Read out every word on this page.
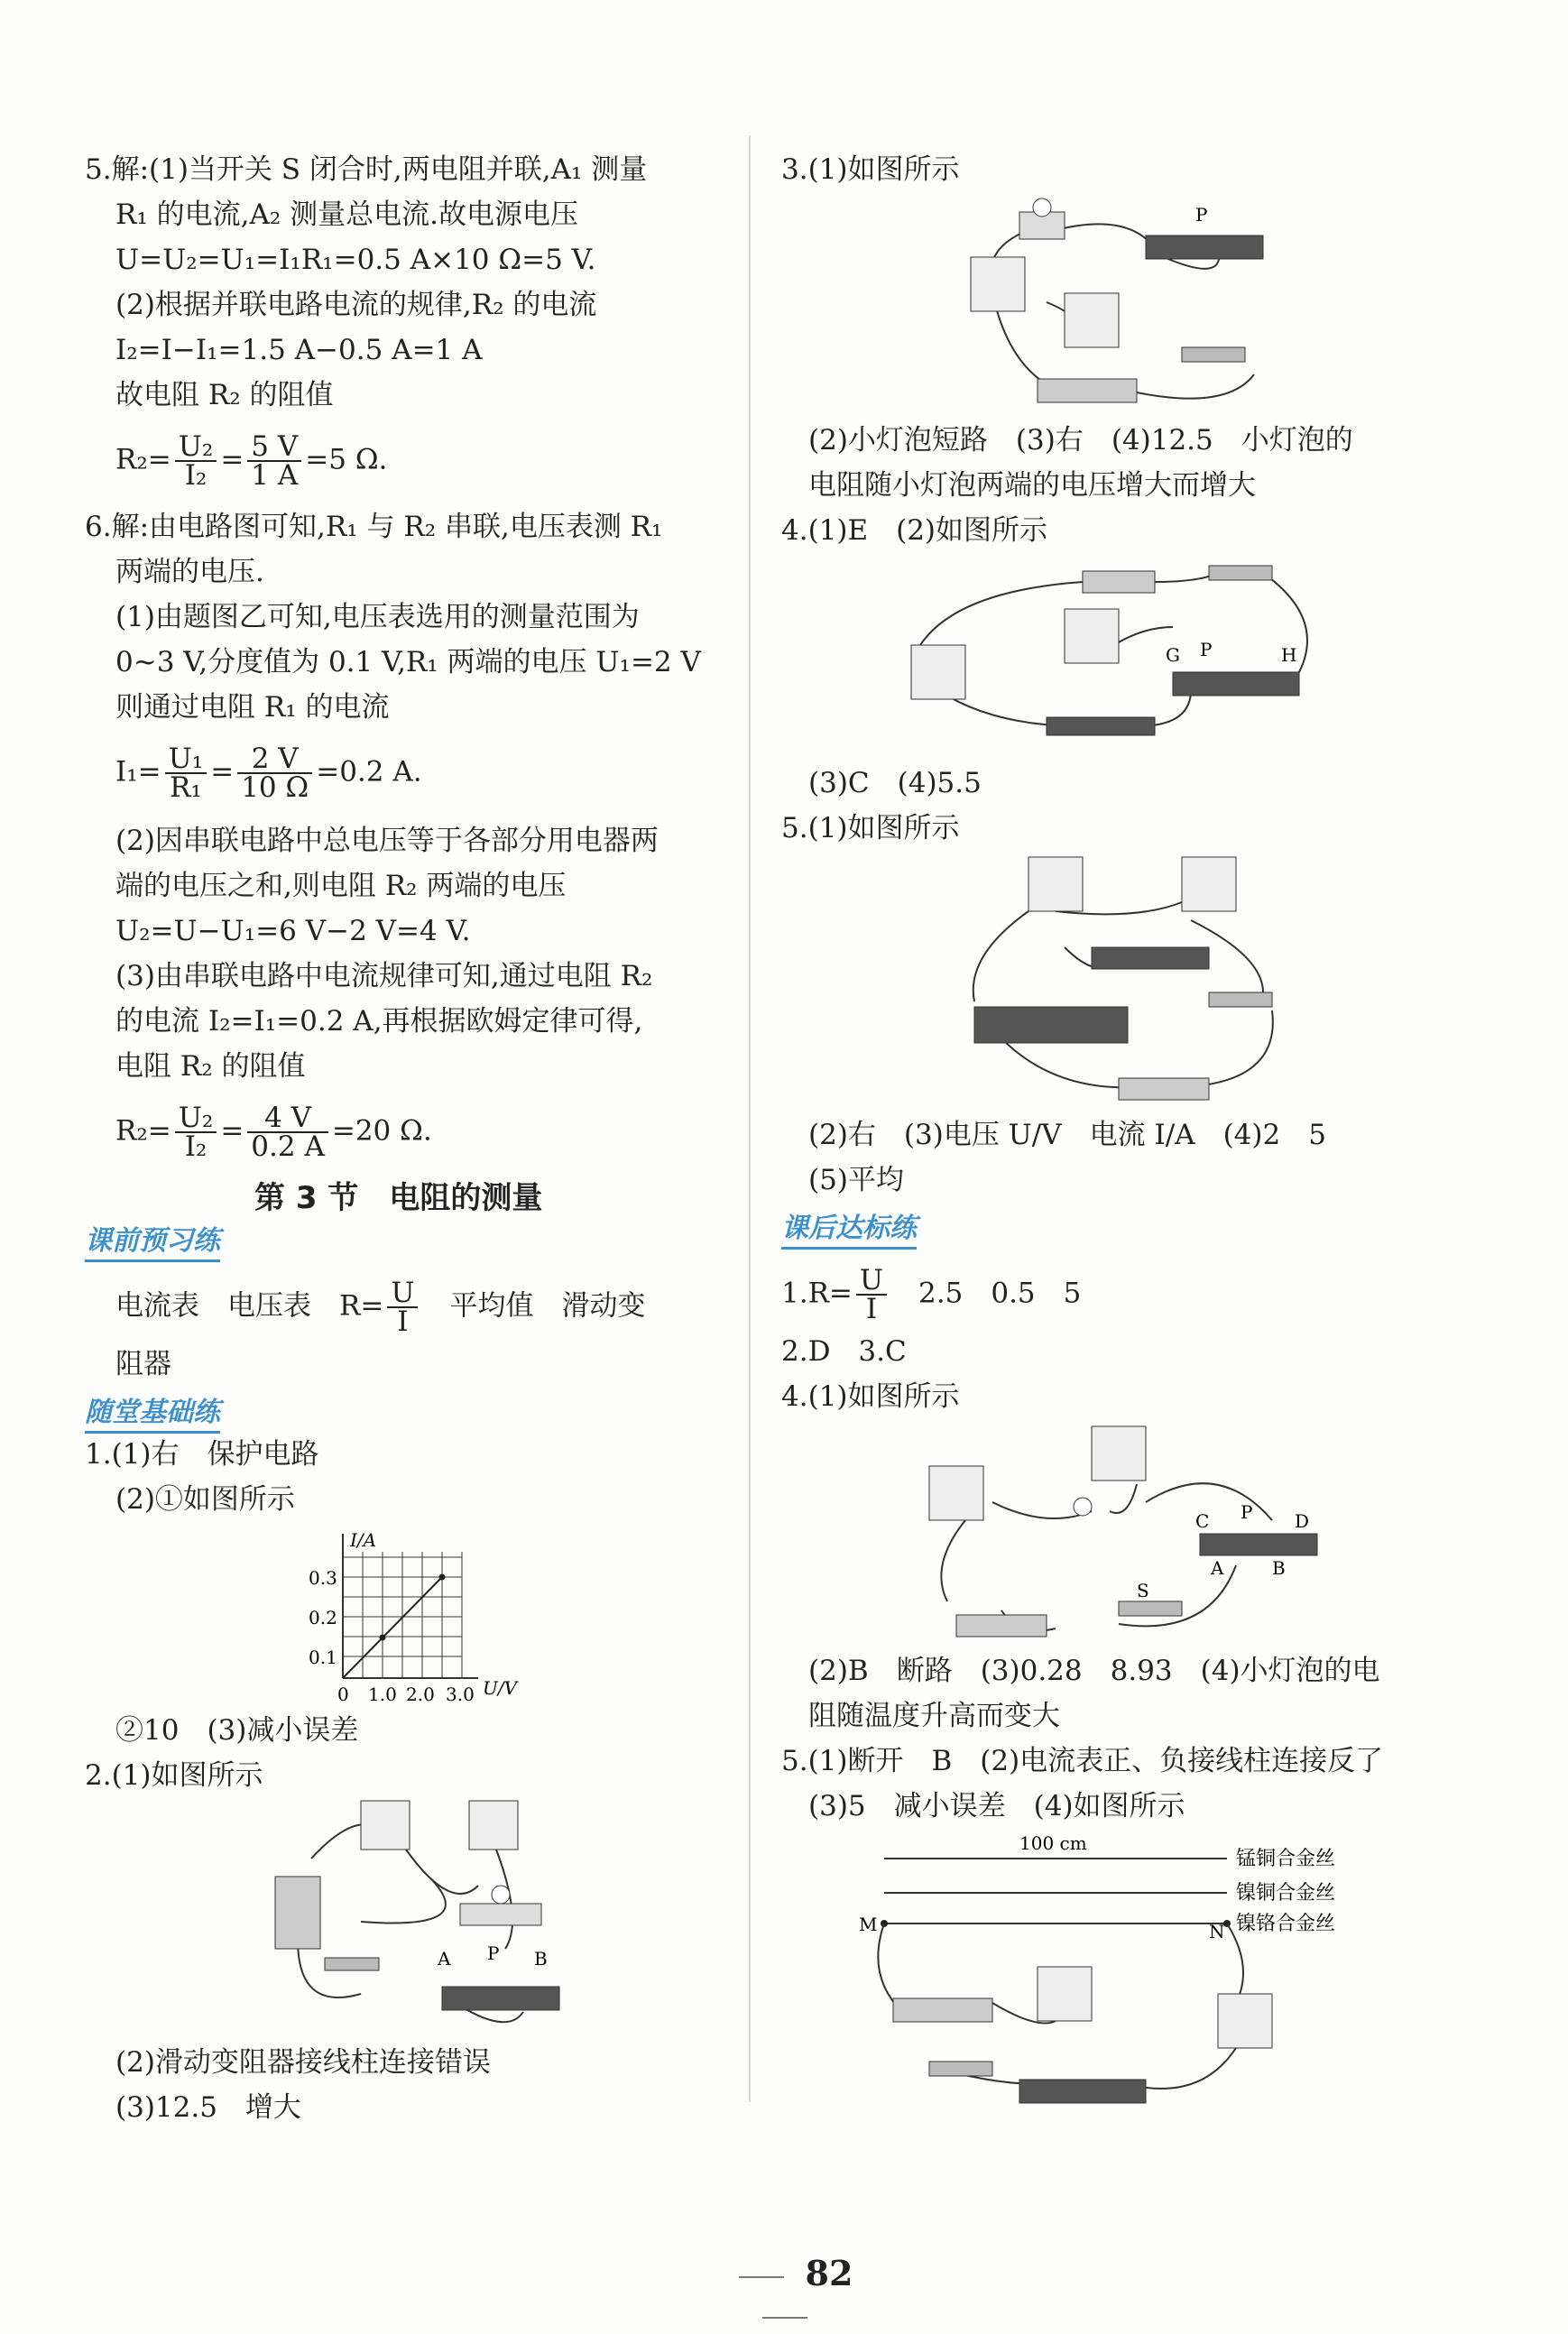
5.解:(1)当开关 S 闭合时,两电阻并联,A₁ 测量
R₁ 的电流,A₂ 测量总电流.故电源电压
U=U₂=U₁=I₁R₁=0.5 A×10 Ω=5 V.
(2)根据并联电路电流的规律,R₂ 的电流
I₂=I−I₁=1.5 A−0.5 A=1 A
故电阻 R₂ 的阻值
$R_2= \frac{\text{U₂}}{\text{I₂}} = \frac{5 V}{1 A} =5$ Ω.
6.解:由电路图可知,R₁ 与 R₂ 串联,电压表测 R₁
两端的电压.
(1)由题图乙可知,电压表选用的测量范围为
0~3 V,分度值为 0.1 V,R₁ 两端的电压 U₁=2 V
则通过电阻 R₁ 的电流
$I_1= \frac{\text{U₁}}{\text{R₁}} = \frac{2 V}{10 \Omega} =0.2$ A.
(2)因串联电路中总电压等于各部分用电器两
端的电压之和,则电阻 R₂ 两端的电压
U₂=U−U₁=6 V−2 V=4 V.
(3)由串联电路中电流规律可知,通过电阻 R₂
的电流 I₂=I₁=0.2 A,再根据欧姆定律可得,
电阻 R₂ 的阻值
$R_2= \frac{\text{U₂}}{\text{I₂}} = \frac{4 V}{0.2 A} =20$ Ω.
第 3 节　电阻的测量
课前预习练
电流表　电压表　 $R= \frac{U}{I}$
　 平均值　滑动变
阻器
随堂基础练
1.(1)右　保护电路
(2)①如图所示
I/A
U/V
0.3
0.2
0.1
0 1.0 2.0 3.0
②10　(3)减小误差
2.(1)如图所示
A P B
(2)滑动变阻器接线柱连接错误
(3)12.5　增大
3.(1)如图所示
P
(2)小灯泡短路　(3)右　(4)12.5　小灯泡的
电阻随小灯泡两端的电压增大而增大
4.(1)E　(2)如图所示
G P	H
(3)C　(4)5.5
5.(1)如图所示
(2)右　(3)电压 U/V　电流 I/A　(4)2　5
(5)平均
课后达标练
$1.R= \frac{U}{I}$
　 2.5　0.5　5
2.D　3.C
4.(1)如图所示
C P D
A	B
S
(2)B　断路　(3)0.28　8.93　(4)小灯泡的电
阻随温度升高而变大
5.(1)断开　B　(2)电流表正、负接线柱连接反了
(3)5　减小误差　(4)如图所示
100 cm
锰铜合金丝
镍铜合金丝
镍铬合金丝
M	N
82
